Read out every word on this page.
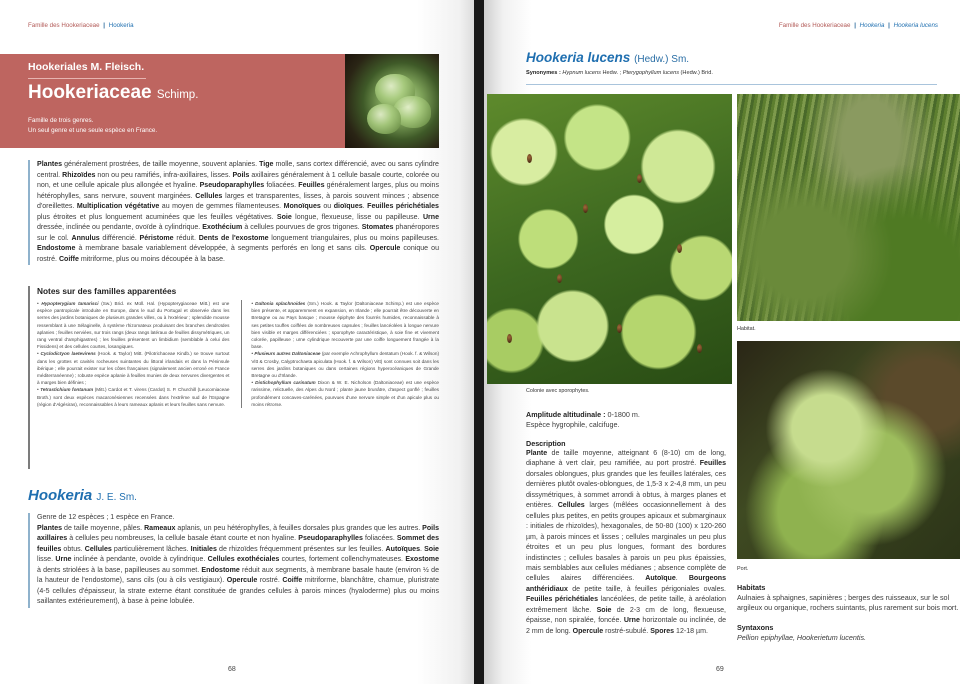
Famille des Hookeriaceae | Hookeria
Hookeriales M. Fleisch.
Hookeriaceae Schimp.
Famille de trois genres.
Un seul genre et une seule espèce en France.

Plantes généralement prostrées, de taille moyenne, souvent aplanies. Tige molle, sans cortex différencié, avec ou sans cylindre central. Rhizoïdes non ou peu ramifiés, infra-axillaires, lisses. Poils axillaires généralement à 1 cellule basale courte, colorée ou non, et une cellule apicale plus allongée et hyaline. Pseudoparaphylles foliacées. Feuilles généralement larges, plus ou moins hétérophylles, sans nervure, souvent marginées. Cellules larges et transparentes, lisses, à parois souvent minces ; absence d'oreillettes. Multiplication végétative au moyen de gemmes filamenteuses. Monoïques ou dioïques. Feuilles périchétiales plus étroites et plus longuement acuminées que les feuilles végétatives. Soie longue, flexueuse, lisse ou papilleuse. Urne dressée, inclinée ou pendante, ovoïde à cylindrique. Exothécium à cellules pourvues de gros trigones. Stomates phanéropores sur le col. Annulus différencié. Péristome réduit. Dents de l'exostome longuement triangulaires, plus ou moins papilleuses. Endostome à membrane basale variablement développée, à segments perforés en long et sans cils. Opercule conique ou rostré. Coiffe mitriforme, plus ou moins découpée à la base.

Notes sur des familles apparentées

• Hypopterygium tamarisci (Sw.) Brid. ex Müll. Hal. (Hypopterygiaceae Mitt.) est une espèce pantropicale introduite en Europe, dans le sud du Portugal et observée dans les serres des jardins botaniques de plusieurs grandes villes, ou à l'extérieur ; splendide mousse ressemblant à une Sélaginelle, à système rhizomateux produisant des branches dendroïdes aplanies ; feuilles nerviées, sur trois rangs (deux rangs latéraux de feuilles dissymétriques, un rang ventral d'amphigastres) ; les feuilles présentent un limbidium (semblable à celui des Fissidens) et des cellules courtes, losangiques.

• Cyclodictyon laetevirens (Hook. & Taylor) Mitt. (Pilotrichaceae Kindb.) se trouve surtout dans les grottes et cavités rocheuses suintantes du littoral irlandais et dans la Péninsule ibérique ; elle pourrait exister sur les côtes françaises (signalement ancien erroné en France méditerranéenne) ; robuste espèce aplanie à feuilles munies de deux nervures divergentes et à marges bien définies ;

• Tetrastichium fontanum (Mitt.) Cardot et T. virens (Cardot) S. P. Churchill (Leucomiaceae Broth.) sont deux espèces macaronésiennes recensées dans l'extrême sud de l'Espagne (région d'Algésiras), reconnaissables à leurs rameaux aplanis et leurs feuilles sans nervure.

• Daltonia splachnoides (Sm.) Hook. & Taylor (Daltoniaceae Schimp.) est une espèce bien présente, et apparemment en expansion, en Irlande ; elle pourrait être découverte en Bretagne ou au Pays basque ; mousse épiphyte des fourrés humides, reconnaissable à ses petites touffes coiffées de nombreuses capsules ; feuilles lancéolées à longue nervure bien visible et marges différenciées ; sporophyte caractéristique, à soie fine et vivement colorée, papilleuse ; urne cylindrique recouverte par une coiffe longuement frangée à la base.

• Plusieurs autres Daltoniaceae (par exemple Achrophyllum dentatum (Hook. f. & Wilson) Vitt & Crosby, Calyptrochaeta apiculata (Hook. f. & Wilson) Vitt) sont connues soit dans les serres des jardins botaniques ou dans certaines régions hyperocéaniques de Grande Bretagne ou d'Irlande.

• Distichophyllum carinatum Dixon & W. E. Nicholson (Daltoniaceae) est une espèce rarissime, relictuelle, des Alpes du Nord ; plante jaune brunâtre, d'aspect gonflé ; feuilles profondément concaves-carénées, pourvues d'une nervure simple et d'un apicule plus ou moins rétrorse.

Hookeria J. E. Sm.
Genre de 12 espèces ; 1 espèce en France.

Plantes de taille moyenne, pâles. Rameaux aplanis, un peu hétérophylles, à feuilles dorsales plus grandes que les autres. Poils axillaires à cellules peu nombreuses, la cellule basale étant courte et non hyaline. Pseudoparaphylles foliacées. Sommet des feuilles obtus. Cellules particulièrement lâches. Initiales de rhizoïdes fréquemment présentes sur les feuilles. Autoïques. Soie lisse. Urne inclinée à pendante, ovoïde à cylindrique. Cellules exothéciales courtes, fortement collenchymateuses. Exostome à dents striolées à la base, papilleuses au sommet. Endostome réduit aux segments, à membrane basale haute (environ ½ de la hauteur de l'endostome), sans cils (ou à cils vestigiaux). Opercule rostré. Coiffe mitriforme, blanchâtre, charnue, pluristrate (4-5 cellules d'épaisseur, la strate externe étant constituée de grandes cellules à parois minces (hyaloderme) plus ou moins saillantes extérieurement), à base à peine lobulée.

68
Famille des Hookeriaceae | Hookeria | Hookeria lucens
Hookeria lucens (Hedw.) Sm.
Synonymes : Hypnum lucens Hedw. ; Pterygophyllum lucens (Hedw.) Brid.
Colonie avec sporophytes.
Habitat.
Port.
Amplitude altitudinale : 0-1800 m.
Espèce hygrophile, calcifuge.
Description

Plante de taille moyenne, atteignant 6 (8-10) cm de long, diaphane à vert clair, peu ramifiée, au port prostré. Feuilles dorsales oblongues, plus grandes que les feuilles latérales, ces dernières plutôt ovales-oblongues, de 1,5-3 x 2-4,8 mm, un peu dissymétriques, à sommet arrondi à obtus, à marges planes et entières. Cellules larges (mêlées occasionnellement à des cellules plus petites, en petits groupes apicaux et submarginaux : initiales de rhizoïdes), hexagonales, de 50-80 (100) x 120-260 µm, à parois minces et lisses ; cellules marginales un peu plus étroites et un peu plus longues, formant des bordures indistinctes ; cellules basales à parois un peu plus épaissies, mais semblables aux cellules médianes ; absence complète de cellules alaires différenciées. Autoïque. Bourgeons anthéridiaux de petite taille, à feuilles périgoniales ovales. Feuilles périchétiales lancéolées, de petite taille, à aréolation extrêmement lâche. Soie de 2-3 cm de long, flexueuse, épaisse, non spiralée, foncée. Urne horizontale ou inclinée, de 2 mm de long. Opercule rostré-subulé. Spores 12-18 µm.

Habitats
Aulnaies à sphaignes, sapinières ; berges des ruisseaux, sur le sol argileux ou organique, rochers suintants, plus rarement sur bois mort.
Syntaxons
Pellion epiphyllae, Hookerietum lucentis.
69
